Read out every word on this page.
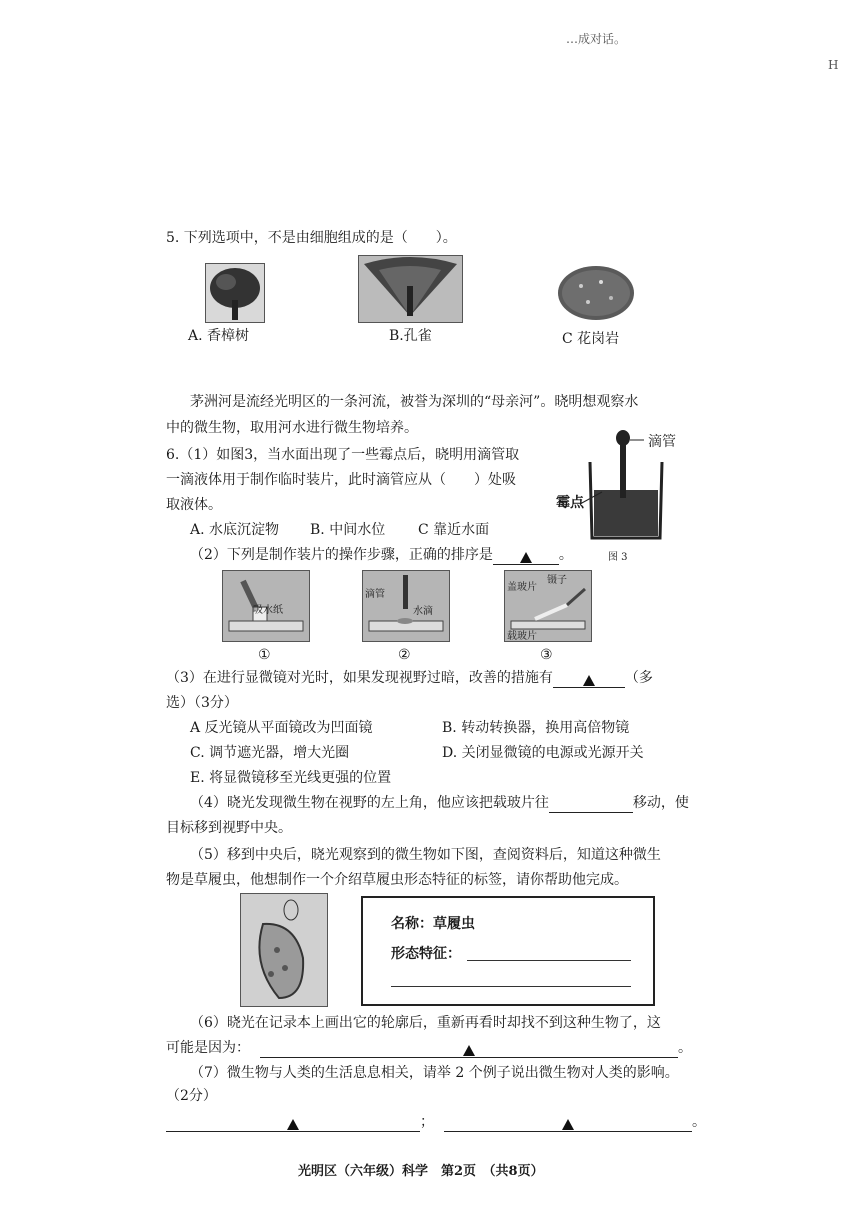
…成对话。
H
5. 下列选项中，不是由细胞组成的是（　　）。
A. 香樟树	B.孔雀	C 花岗岩
茅洲河是流经光明区的一条河流，被誉为深圳的“母亲河”。晓明想观察水
中的微生物，取用河水进行微生物培养。
6.（1）如图3，当水面出现了一些霉点后，晓明用滴管取
一滴液体用于制作临时装片，此时滴管应从（　　）处吸
取液体。
A. 水底沉淀物 B. 中间水位 C 靠近水面
滴管
霉点
图 3
（2）下列是制作装片的操作步骤，正确的排序是	。
吸水纸
①
滴管
水滴
②
盖玻片
镊子
载玻片
③
（3）在进行显微镜对光时，如果发现视野过暗，改善的措施有	（多
选）（3分）
A 反光镜从平面镜改为凹面镜	B. 转动转换器，换用高倍物镜
C. 调节遮光器，增大光圈	D. 关闭显微镜的电源或光源开关
E. 将显微镜移至光线更强的位置
（4）晓光发现微生物在视野的左上角，他应该把载玻片往	移动，使
目标移到视野中央。
（5）移到中央后，晓光观察到的微生物如下图，查阅资料后，知道这种微生
物是草履虫，他想制作一个介绍草履虫形态特征的标签，请你帮助他完成。
名称：草履虫
形态特征：
（6）晓光在记录本上画出它的轮廓后，重新再看时却找不到这种生物了，这
可能是因为：	。
（7）微生物与人类的生活息息相关，请举 2 个例子说出微生物对人类的影响。
（2分）
；	。
光明区（六年级）科学　第2页　（共8页）
